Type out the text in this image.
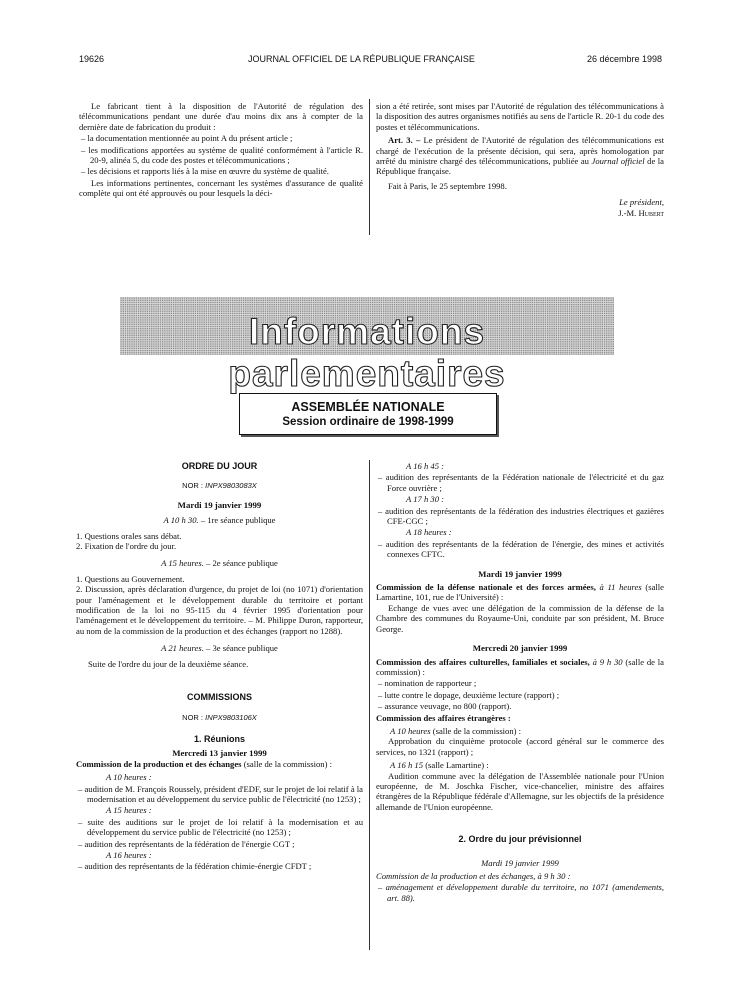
19626	JOURNAL OFFICIEL DE LA RÉPUBLIQUE FRANÇAISE	26 décembre 1998

Le fabricant tient à la disposition de l'Autorité de régulation des télécommunications pendant une durée d'au moins dix ans à compter de la dernière date de fabrication du produit :

– la documentation mentionnée au point A du présent article ;

– les modifications apportées au système de qualité conformément à l'article R. 20-9, alinéa 5, du code des postes et télécommunications ;

– les décisions et rapports liés à la mise en œuvre du système de qualité.

Les informations pertinentes, concernant les systèmes d'assurance de qualité complète qui ont été approuvés ou pour lesquels la déci-

sion a été retirée, sont mises par l'Autorité de régulation des télécommunications à la disposition des autres organismes notifiés au sens de l'article R. 20-1 du code des postes et télécommunications.

Art. 3. – Le président de l'Autorité de régulation des télécommunications est chargé de l'exécution de la présente décision, qui sera, après homologation par arrêté du ministre chargé des télécommunications, publiée au Journal officiel de la République française.

Fait à Paris, le 25 septembre 1998.

Le président,

J.-M. Hubert

Informations parlementaires
ASSEMBLÉE NATIONALE
Session ordinaire de 1998-1999

ORDRE DU JOUR

NOR : INPX9803083X

Mardi 19 janvier 1999

A 10 h 30. – 1re séance publique

1. Questions orales sans débat.

2. Fixation de l'ordre du jour.

A 15 heures. – 2e séance publique

1. Questions au Gouvernement.

2. Discussion, après déclaration d'urgence, du projet de loi (no 1071) d'orientation pour l'aménagement et le développement durable du territoire et portant modification de la loi no 95-115 du 4 février 1995 d'orientation pour l'aménagement et le développement du territoire. – M. Philippe Duron, rapporteur, au nom de la commission de la production et des échanges (rapport no 1288).

A 21 heures. – 3e séance publique

Suite de l'ordre du jour de la deuxième séance.

COMMISSIONS

NOR : INPX9803106X

1. Réunions

Mercredi 13 janvier 1999

Commission de la production et des échanges (salle de la commission) :

A 10 heures :

– audition de M. François Roussely, président d'EDF, sur le projet de loi relatif à la modernisation et au développement du service public de l'électricité (no 1253) ;

A 15 heures :

– suite des auditions sur le projet de loi relatif à la modernisation et au développement du service public de l'électricité (no 1253) ;

– audition des représentants de la fédération de l'énergie CGT ;

A 16 heures :

– audition des représentants de la fédération chimie-énergie CFDT ;

A 16 h 45 :

– audition des représentants de la Fédération nationale de l'électricité et du gaz Force ouvrière ;

A 17 h 30 :

– audition des représentants de la fédération des industries électriques et gazières CFE-CGC ;

A 18 heures :

– audition des représentants de la fédération de l'énergie, des mines et activités connexes CFTC.

Mardi 19 janvier 1999

Commission de la défense nationale et des forces armées, à 11 heures (salle Lamartine, 101, rue de l'Université) :

Echange de vues avec une délégation de la commission de la défense de la Chambre des communes du Royaume-Uni, conduite par son président, M. Bruce George.

Mercredi 20 janvier 1999

Commission des affaires culturelles, familiales et sociales, à 9 h 30 (salle de la commission) :

– nomination de rapporteur ;

– lutte contre le dopage, deuxième lecture (rapport) ;

– assurance veuvage, no 800 (rapport).

Commission des affaires étrangères :

A 10 heures (salle de la commission) :

Approbation du cinquième protocole (accord général sur le commerce des services, no 1321 (rapport) ;

A 16 h 15 (salle Lamartine) :

Audition commune avec la délégation de l'Assemblée nationale pour l'Union européenne, de M. Joschka Fischer, vice-chancelier, ministre des affaires étrangères de la République fédérale d'Allemagne, sur les objectifs de la présidence allemande de l'Union européenne.

2. Ordre du jour prévisionnel

Mardi 19 janvier 1999

Commission de la production et des échanges, à 9 h 30 :

– aménagement et développement durable du territoire, no 1071 (amendements, art. 88).
